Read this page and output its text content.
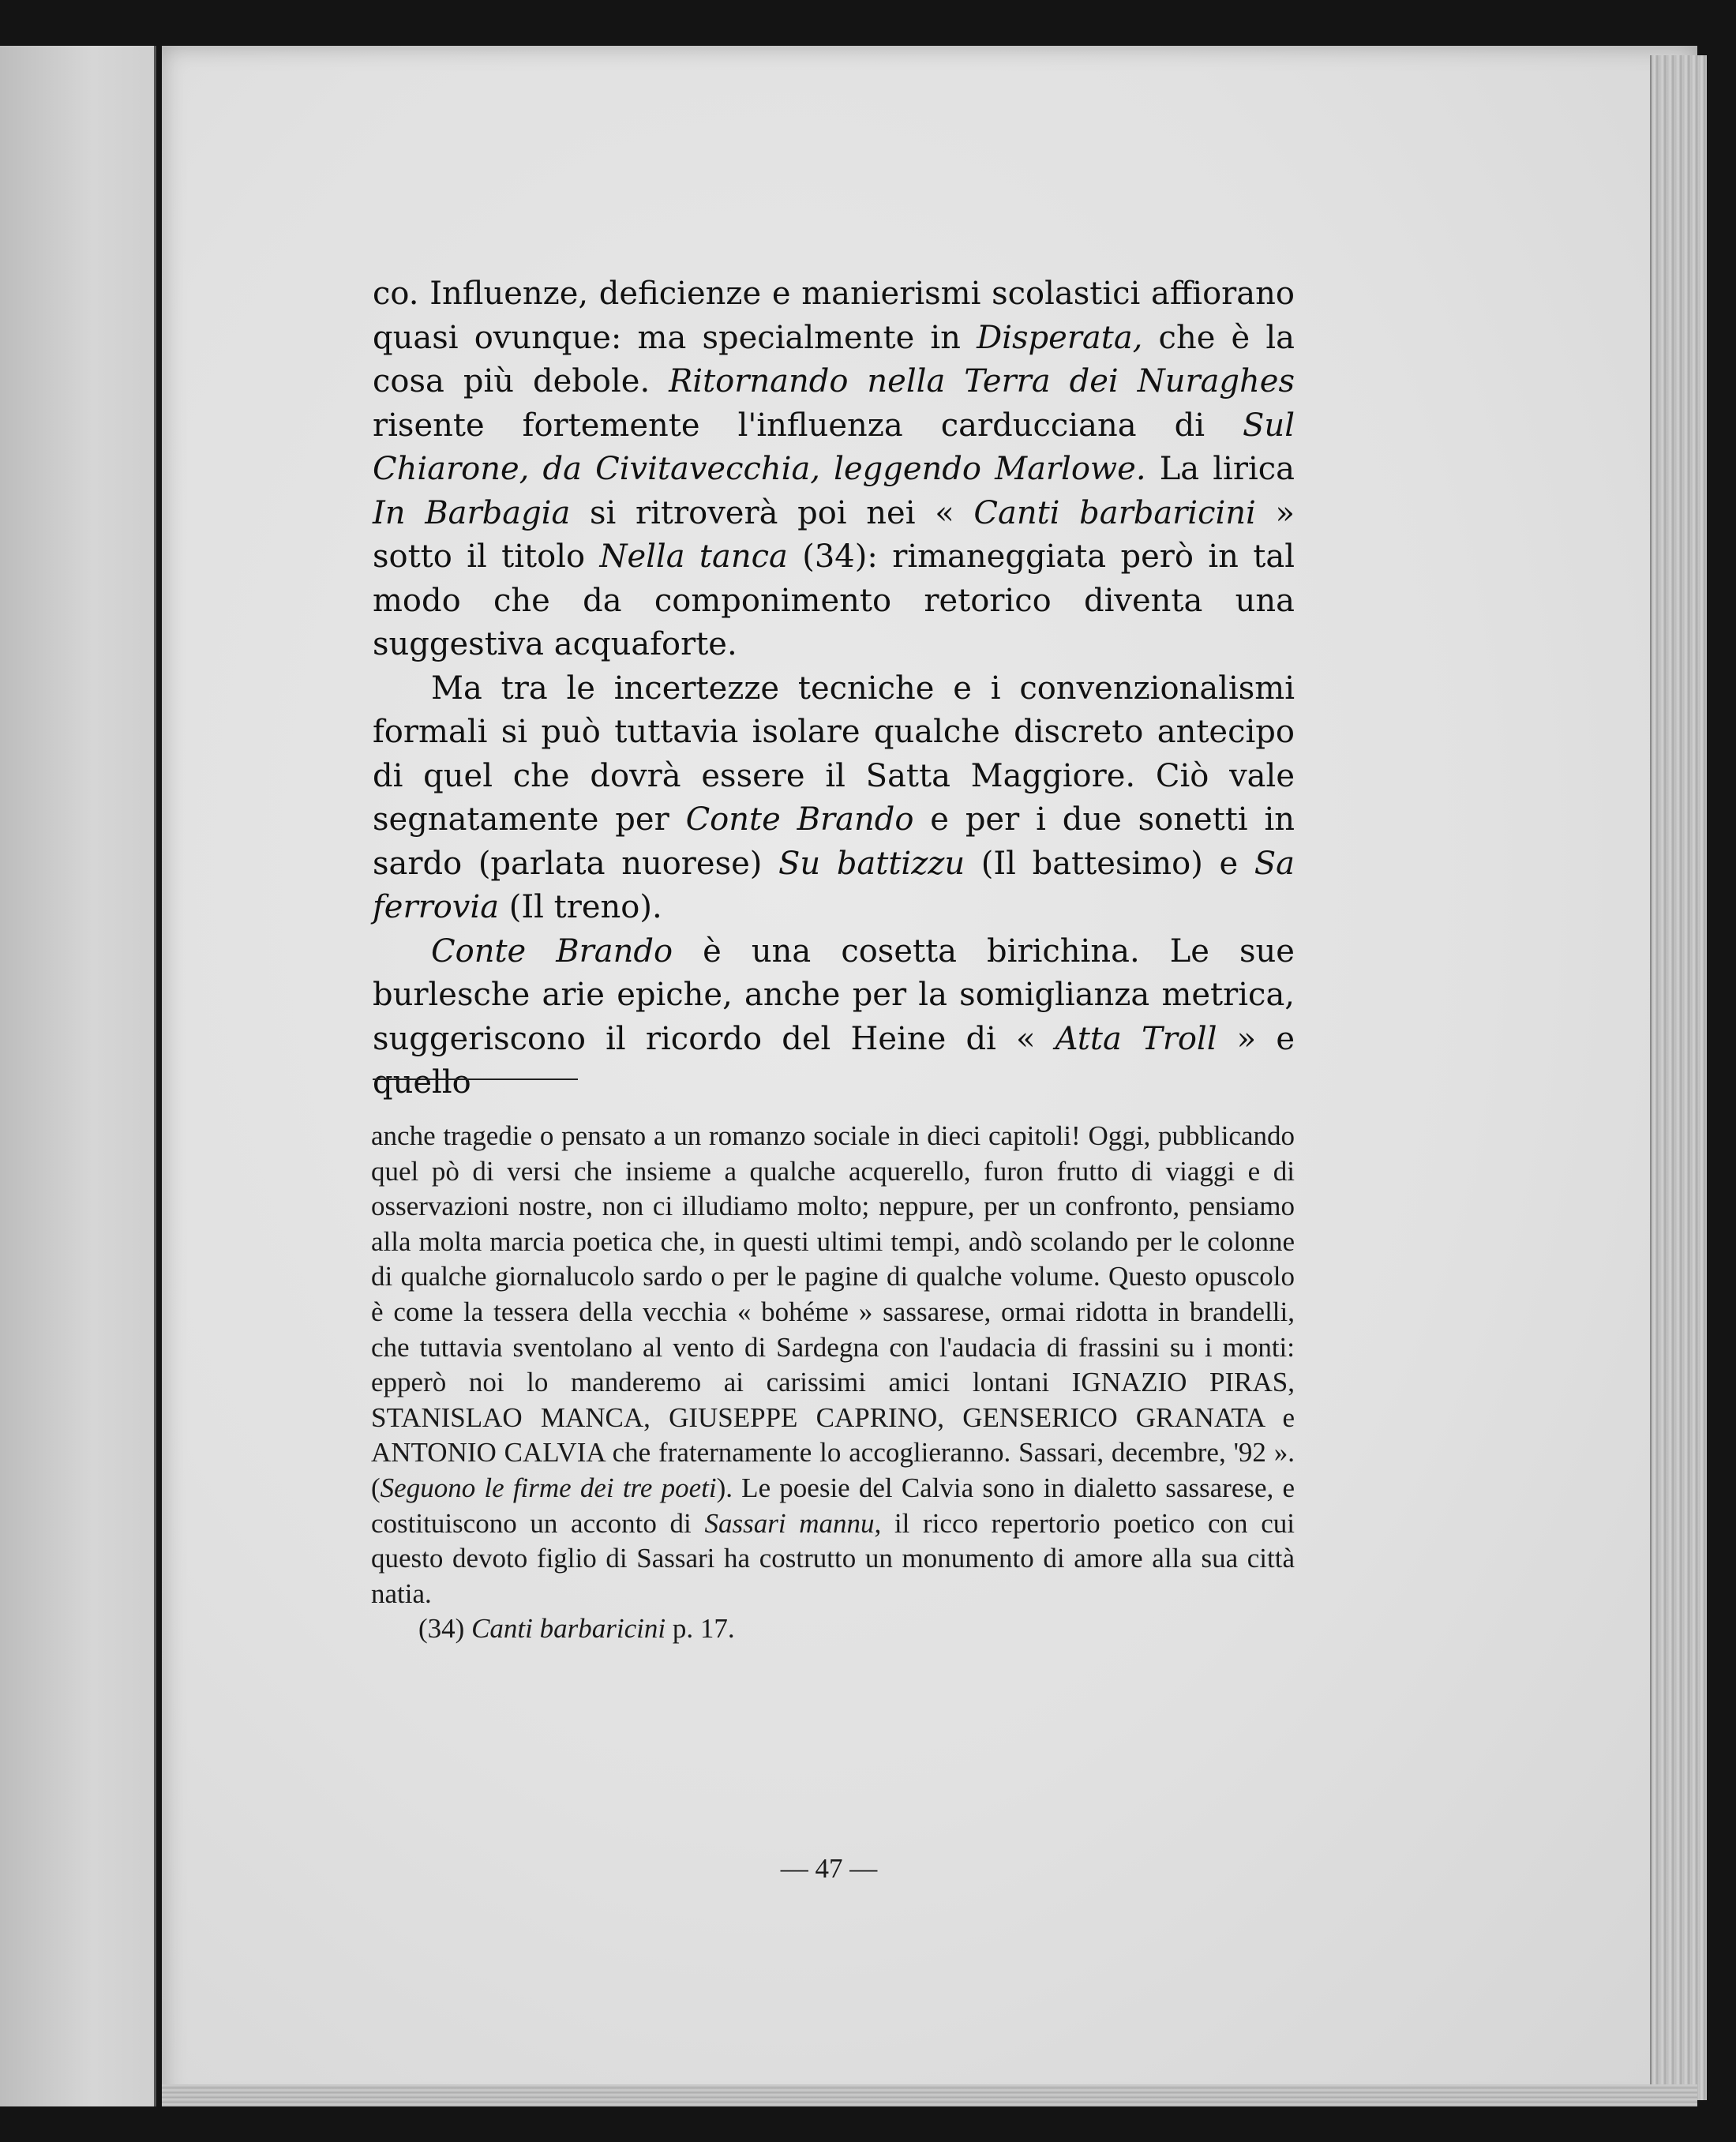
co. Influenze, deficienze e manierismi scolastici affiorano quasi ovunque: ma specialmente in Disperata, che è la cosa più debole. Ritornando nella Terra dei Nuraghes risente fortemente l'influenza carducciana di Sul Chiarone, da Civitavecchia, leggendo Marlowe. La lirica In Barbagia si ritroverà poi nei « Canti barbaricini » sotto il titolo Nella tanca (34): rimaneggiata però in tal modo che da componimento retorico diventa una suggestiva acquaforte.

Ma tra le incertezze tecniche e i convenzionalismi formali si può tuttavia isolare qualche discreto antecipo di quel che dovrà essere il Satta Maggiore. Ciò vale segnatamente per Conte Brando e per i due sonetti in sardo (parlata nuorese) Su battizzu (Il battesimo) e Sa ferrovia (Il treno).

Conte Brando è una cosetta birichina. Le sue burlesche arie epiche, anche per la somiglianza metrica, suggeriscono il ricordo del Heine di « Atta Troll » e quello

anche tragedie o pensato a un romanzo sociale in dieci capitoli! Oggi, pubblicando quel pò di versi che insieme a qualche acquerello, furon frutto di viaggi e di osservazioni nostre, non ci illudiamo molto; neppure, per un confronto, pensiamo alla molta marcia poetica che, in questi ultimi tempi, andò scolando per le colonne di qualche giornalucolo sardo o per le pagine di qualche volume. Questo opuscolo è come la tessera della vecchia « bohéme » sassarese, ormai ridotta in brandelli, che tuttavia sventolano al vento di Sardegna con l'audacia di frassini su i monti: epperò noi lo manderemo ai carissimi amici lontani IGNAZIO PIRAS, STANISLAO MANCA, GIUSEPPE CAPRINO, GENSERICO GRANATA e ANTONIO CALVIA che fraternamente lo accoglieranno. Sassari, decembre, '92 ». (Seguono le firme dei tre poeti). Le poesie del Calvia sono in dialetto sassarese, e costituiscono un acconto di Sassari mannu, il ricco repertorio poetico con cui questo devoto figlio di Sassari ha costrutto un monumento di amore alla sua città natia.

(34) Canti barbaricini p. 17.

— 47 —
